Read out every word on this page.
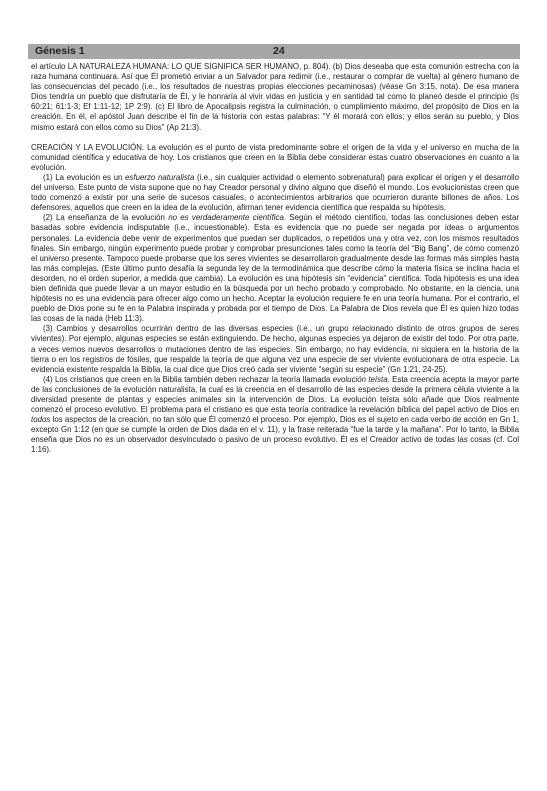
Génesis 1	24

el artículo LA NATURALEZA HUMANA: LO QUE SIGNIFICA SER HUMANO, p. 804). (b) Dios deseaba que esta comunión estrecha con la raza humana continuara. Así que Él prometió enviar a un Salvador para redimir (i.e., restaurar o comprar de vuelta) al género humano de las consecuencias del pecado (i.e., los resultados de nuestras propias elecciones pecaminosas) (véase Gn 3:15, nota). De esa manera Dios tendría un pueblo que disfrutaría de Él, y le honraría al vivir vidas en justicia y en santidad tal como lo planeó desde el principio (Is 60:21; 61:1-3; Ef 1:11-12; 1P 2:9). (c) El libro de Apocalipsis registra la culminación, o cumplimiento máximo, del propósito de Dios en la creación. En él, el apóstol Juan describe el fin de la historia con estas palabras: “Y él morará con ellos; y ellos serán su pueblo, y Dios mismo estará con ellos como su Dios” (Ap 21:3).

CREACIÓN Y LA EVOLUCIÓN. La evolución es el punto de vista predominante sobre el origen de la vida y el universo en mucha de la comunidad científica y educativa de hoy. Los cristianos que creen en la Biblia debe considerar estas cuatro observaciones en cuanto a la evolución.

(1) La evolución es un esfuerzo naturalista (i.e., sin cualquier actividad o elemento sobrenatural) para explicar el origen y el desarrollo del universo. Este punto de vista supone que no hay Creador personal y divino alguno que diseñó el mundo. Los evolucionistas creen que todo comenzó a existir por una serie de sucesos casuales, o acontecimientos arbitrarios que ocurrieron durante billones de años. Los defensores, aquellos que creen en la idea de la evolución, afirman tener evidencia científica que respalda su hipótesis.

(2) La enseñanza de la evolución no es verdaderamente científica. Según el método científico, todas las conclusiones deben estar basadas sobre evidencia indisputable (i.e., incuestionable). Esta es evidencia que no puede ser negada por ideas o argumentos personales. La evidencia debe venir de experimentos que puedan ser duplicados, o repetidos una y otra vez, con los mismos resultados finales. Sin embargo, ningún experimento puede probar y comprobar presunciones tales como la teoría del “Big Bang”, de cómo comenzó el universo presente. Tampoco puede probarse que los seres vivientes se desarrollaron gradualmente desde las formas más simples hasta las más complejas. (Este último punto desafía la segunda ley de la termodinámica que describe cómo la materia física se inclina hacia el desorden, no el orden superior, a medida que cambia). La evolución es una hipótesis sin “evidencia” científica. Toda hipótesis es una idea bien definida que puede llevar a un mayor estudio en la búsqueda por un hecho probado y comprobado. No obstante, en la ciencia, una hipótesis no es una evidencia para ofrecer algo como un hecho. Aceptar la evolución requiere fe en una teoría humana. Por el contrario, el pueblo de Dios pone su fe en la Palabra inspirada y probada por el tiempo de Dios. La Palabra de Dios revela que Él es quien hizo todas las cosas de la nada (Heb 11:3).

(3) Cambios y desarrollos ocurrirán dentro de las diversas especies (i.e., un grupo relacionado distinto de otros grupos de seres vivientes). Por ejemplo, algunas especies se están extinguiendo. De hecho, algunas especies ya dejaron de existir del todo. Por otra parte, a veces vemos nuevos desarrollos o mutaciones dentro de las especies. Sin embargo, no hay evidencia, ni siquiera en la historia de la tierra o en los registros de fósiles, que respalde la teoría de que alguna vez una especie de ser viviente evolucionara de otra especie. La evidencia existente respalda la Biblia, la cual dice que Dios creó cada ser viviente “según su especie” (Gn 1:21, 24-25).

(4) Los cristianos que creen en la Biblia también deben rechazar la teoría llamada evolución teísta. Esta creencia acepta la mayor parte de las conclusiones de la evolución naturalista, la cual es la creencia en el desarrollo de las especies desde la primera célula viviente a la diversidad presente de plantas y especies animales sin la intervención de Dios. La evolución teísta sólo añade que Dios realmente comenzó el proceso evolutivo. El problema para el cristiano es que esta teoría contradice la revelación bíblica del papel activo de Dios en todos los aspectos de la creación, no tan sólo que Él comenzó el proceso. Por ejemplo, Dios es el sujeto en cada verbo de acción en Gn 1, excepto Gn 1:12 (en que se cumple la orden de Dios dada en el v. 11), y la frase reiterada “fue la tarde y la mañana”. Por lo tanto, la Biblia enseña que Dios no es un observador desvinculado o pasivo de un proceso evolutivo. Él es el Creador activo de todas las cosas (cf. Col 1:16).
